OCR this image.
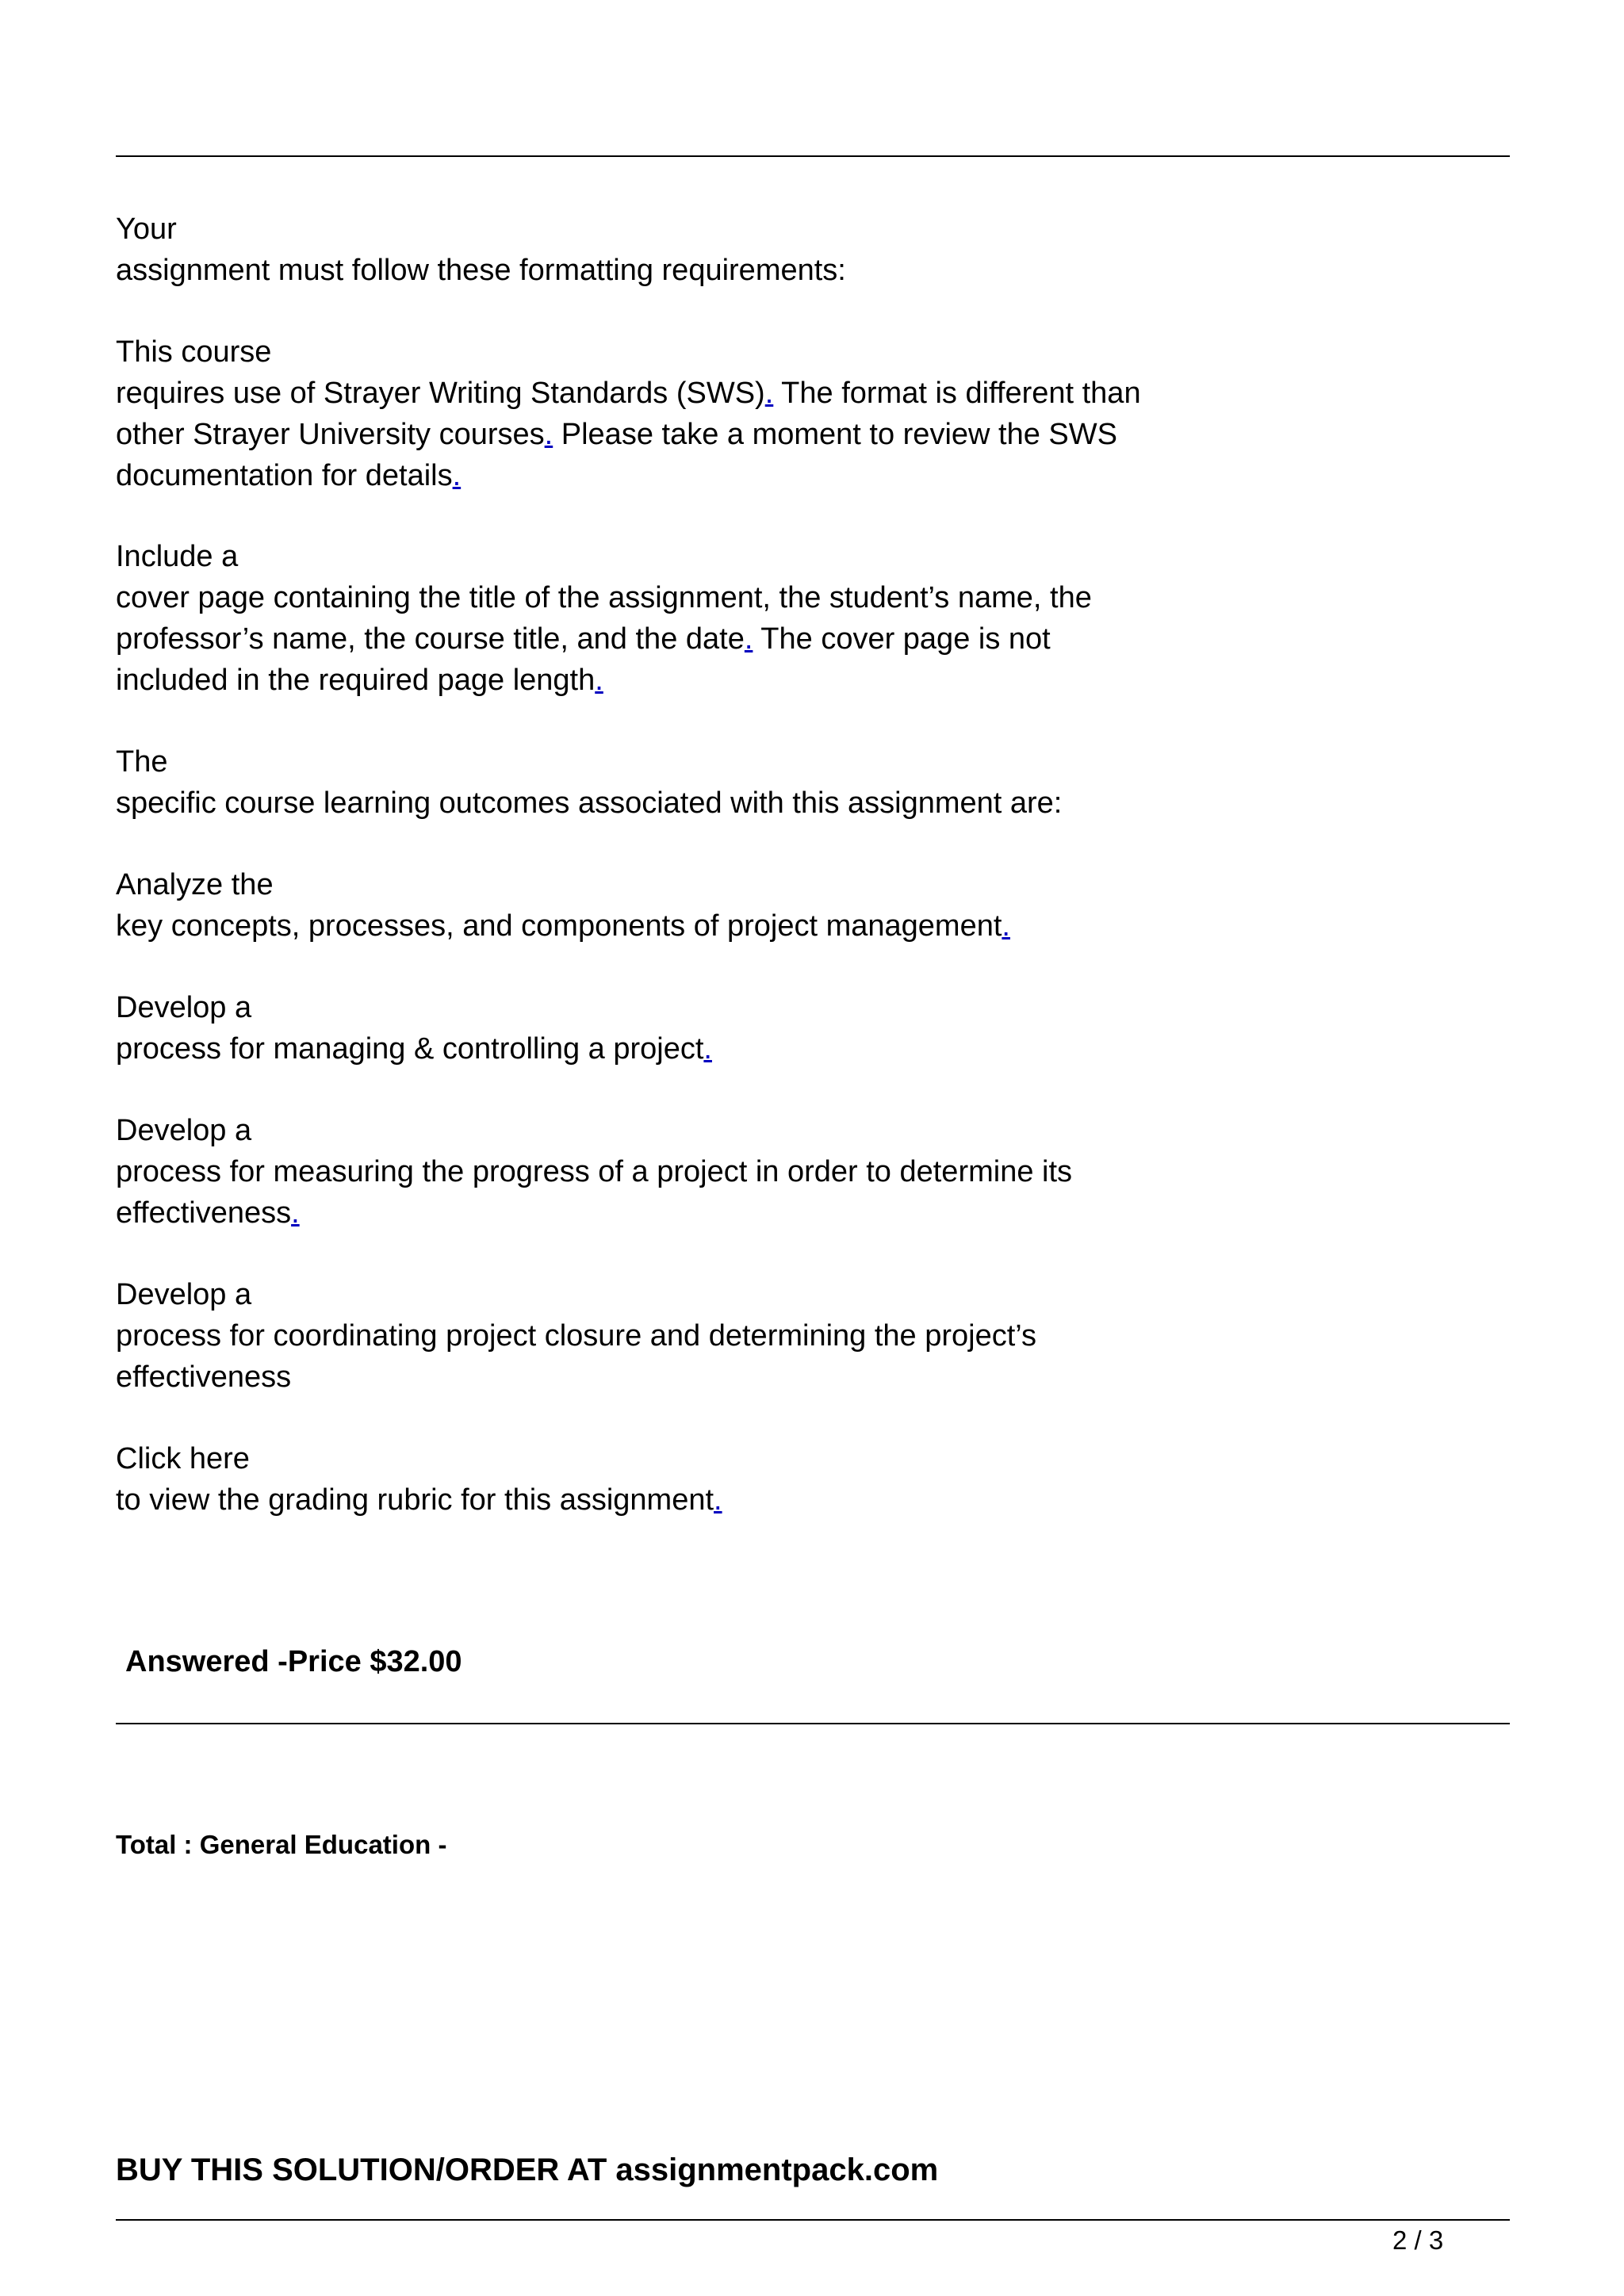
Your
assignment must follow these formatting requirements:
This course
requires use of Strayer Writing Standards (SWS). The format is different than
other Strayer University courses. Please take a moment to review the SWS
documentation for details.
Include a
cover page containing the title of the assignment, the student’s name, the
professor’s name, the course title, and the date. The cover page is not
included in the required page length.
The
specific course learning outcomes associated with this assignment are:
Analyze the
key concepts, processes, and components of project management.
Develop a
process for managing & controlling a project.
Develop a
process for measuring the progress of a project in order to determine its
effectiveness.
Develop a
process for coordinating project closure and determining the project’s
effectiveness
Click here
to view the grading rubric for this assignment.
Answered -Price $32.00
Total : General Education -
BUY THIS SOLUTION/ORDER AT assignmentpack.com
2 / 3
